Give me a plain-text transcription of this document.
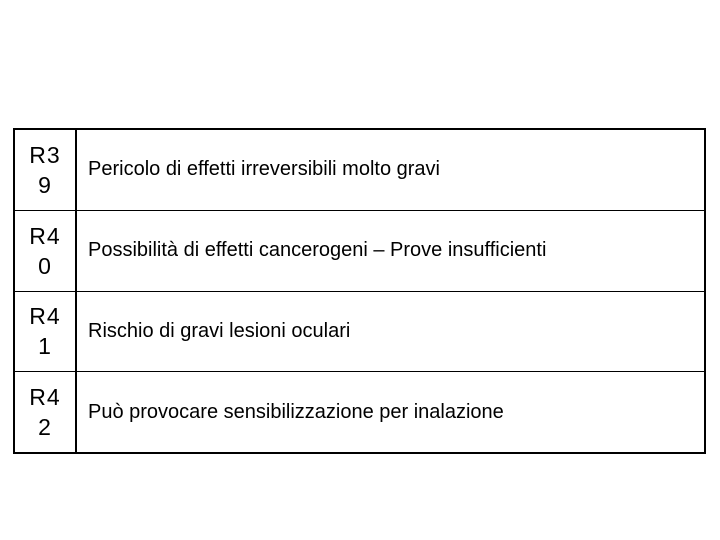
R3
9
Pericolo di effetti irreversibili molto gravi
R4
0
Possibilità di effetti cancerogeni – Prove insufficienti
R4
1
Rischio di gravi lesioni oculari
R4
2
Può provocare sensibilizzazione per inalazione
